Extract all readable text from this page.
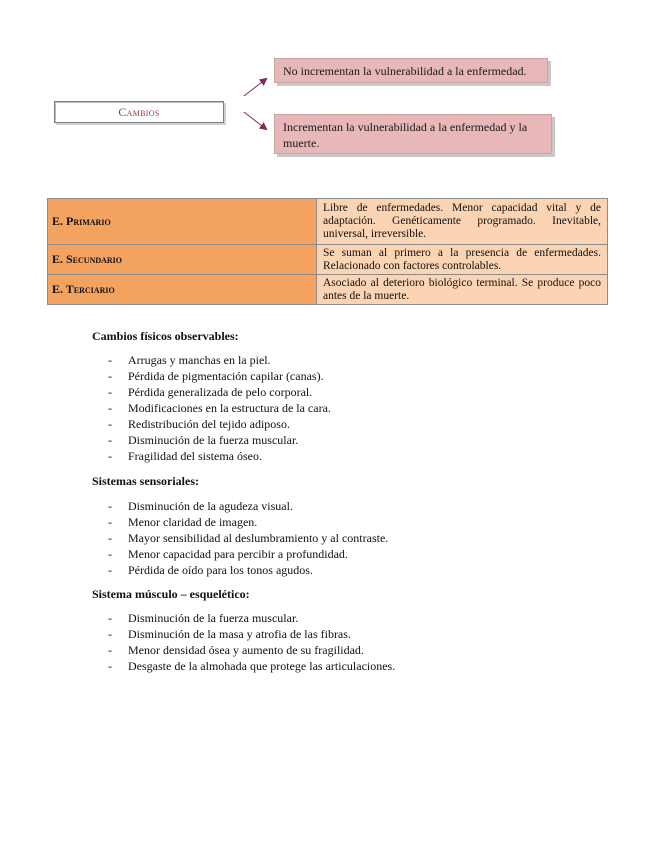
Cambios
No incrementan la vulnerabilidad a la enfermedad.
Incrementan la vulnerabilidad a la enfermedad y la muerte.
E. Primario	Libre de enfermedades. Menor capacidad vital y de adaptación. Genéticamente programado. Inevitable, universal, irreversible.
E. Secundario	Se suman al primero a la presencia de enfermedades. Relacionado con factores controlables.
E. Terciario	Asociado al deterioro biológico terminal. Se produce poco antes de la muerte.
Cambios físicos observables:
- Arrugas y manchas en la piel.
- Pérdida de pigmentación capilar (canas).
- Pérdida generalizada de pelo corporal.
- Modificaciones en la estructura de la cara.
- Redistribución del tejido adiposo.
- Disminución de la fuerza muscular.
- Fragilidad del sistema óseo.
Sistemas sensoriales:
- Disminución de la agudeza visual.
- Menor claridad de imagen.
- Mayor sensibilidad al deslumbramiento y al contraste.
- Menor capacidad para percibir a profundidad.
- Pérdida de oído para los tonos agudos.
Sistema músculo – esquelético:
- Disminución de la fuerza muscular.
- Disminución de la masa y atrofia de las fibras.
- Menor densidad ósea y aumento de su fragilidad.
- Desgaste de la almohada que protege las articulaciones.
